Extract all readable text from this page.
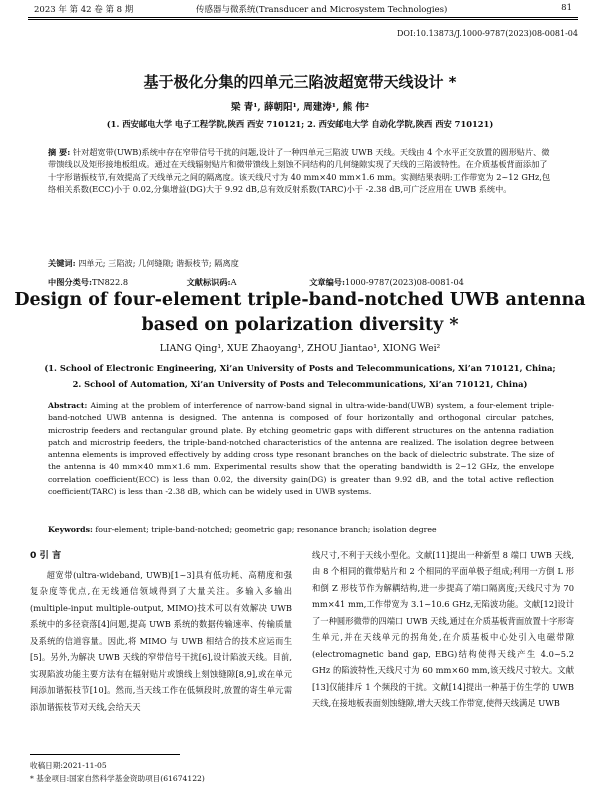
2023 年 第 42 卷 第 8 期	传感器与微系统(Transducer and Microsystem Technologies)	81
DOI:10.13873/J.1000-9787(2023)08-0081-04
基于极化分集的四单元三陷波超宽带天线设计 *
梁 青¹, 薛朝阳¹, 周建涛¹, 熊 伟²
(1. 西安邮电大学 电子工程学院,陕西 西安 710121; 2. 西安邮电大学 自动化学院,陕西 西安 710121)
摘 要: 针对超宽带(UWB)系统中存在窄带信号干扰的问题,设计了一种四单元三陷波 UWB 天线。天线由 4 个水平正交放置的圆形贴片、微带馈线以及矩形接地板组成。通过在天线辐射贴片和微带馈线上刻蚀不同结构的几何缝隙实现了天线的三陷波特性。在介质基板背面添加了十字形谐振枝节,有效提高了天线单元之间的隔离度。该天线尺寸为 40 mm×40 mm×1.6 mm。实测结果表明:工作带宽为 2~12 GHz,包络相关系数(ECC)小于 0.02,分集增益(DG)大于 9.92 dB,总有效反射系数(TARC)小于 -2.38 dB,可广泛应用在 UWB 系统中。
关键词: 四单元; 三陷波; 几何缝隙; 谐振枝节; 隔离度
中图分类号:TN822.8	文献标识码:A	文章编号:1000-9787(2023)08-0081-04
Design of four-element triple-band-notched UWB antenna
based on polarization diversity *
LIANG Qing¹, XUE Zhaoyang¹, ZHOU Jiantao¹, XIONG Wei²
(1. School of Electronic Engineering, Xi’an University of Posts and Telecommunications, Xi’an 710121, China;
2. School of Automation, Xi’an University of Posts and Telecommunications, Xi’an 710121, China)
Abstract: Aiming at the problem of interference of narrow-band signal in ultra-wide-band(UWB) system, a four-element triple-band-notched UWB antenna is designed. The antenna is composed of four horizontally and orthogonal circular patches, microstrip feeders and rectangular ground plate. By etching geometric gaps with different structures on the antenna radiation patch and microstrip feeders, the triple-band-notched characteristics of the antenna are realized. The isolation degree between antenna elements is improved effectively by adding cross type resonant branches on the back of dielectric substrate. The size of the antenna is 40 mm×40 mm×1.6 mm. Experimental results show that the operating bandwidth is 2~12 GHz, the envelope correlation coefficient(ECC) is less than 0.02, the diversity gain(DG) is greater than 9.92 dB, and the total active reflection coefficient(TARC) is less than -2.38 dB, which can be widely used in UWB systems.
Keywords: four-element; triple-band-notched; geometric gap; resonance branch; isolation degree
0 引 言

超宽带(ultra-wideband, UWB)[1~3]具有低功耗、高精度和强复杂度等优点,在无线通信领域得到了大量关注。多输入多输出(multiple-input multiple-output, MIMO)技术可以有效解决 UWB 系统中的多径衰落[4]问题,提高 UWB 系统的数据传输速率、传输质量及系统的信道容量。因此,将 MIMO 与 UWB 相结合的技术应运而生[5]。另外,为解决 UWB 天线的窄带信号干扰[6],设计陷波天线。目前,实现陷波功能主要方法有在辐射贴片或馈线上刻蚀缝隙[8,9],或在单元间添加谐振枝节[10]。然而,当天线工作在低频段时,放置的寄生单元需添加谐振枝节对天线,会给天天

线尺寸,不利于天线小型化。文献[11]提出一种新型 8 端口 UWB 天线,由 8 个相同的微带贴片和 2 个相同的平面单极子组成;利用一方倒 L 形和倒 Z 形枝节作为解耦结构,进一步提高了端口隔离度;天线尺寸为 70 mm×41 mm,工作带宽为 3.1~10.6 GHz,无陷波功能。文献[12]设计了一种圆形微带的四端口 UWB 天线,通过在介质基板背面放置十字形寄生单元,并在天线单元的拐角处,在介质基板中心处引入电磁带隙(electromagnetic band gap, EBG)结构使得天线产生 4.0~5.2 GHz 的陷波特性,天线尺寸为 60 mm×60 mm,该天线尺寸较大。文献[13]仅能排斥 1 个频段的干扰。文献[14]提出一种基于仿生学的 UWB 天线,在接地板表面刻蚀缝隙,增大天线工作带宽,使得天线满足 UWB

收稿日期:2021-11-05
* 基金项目:国家自然科学基金资助项目(61674122)
